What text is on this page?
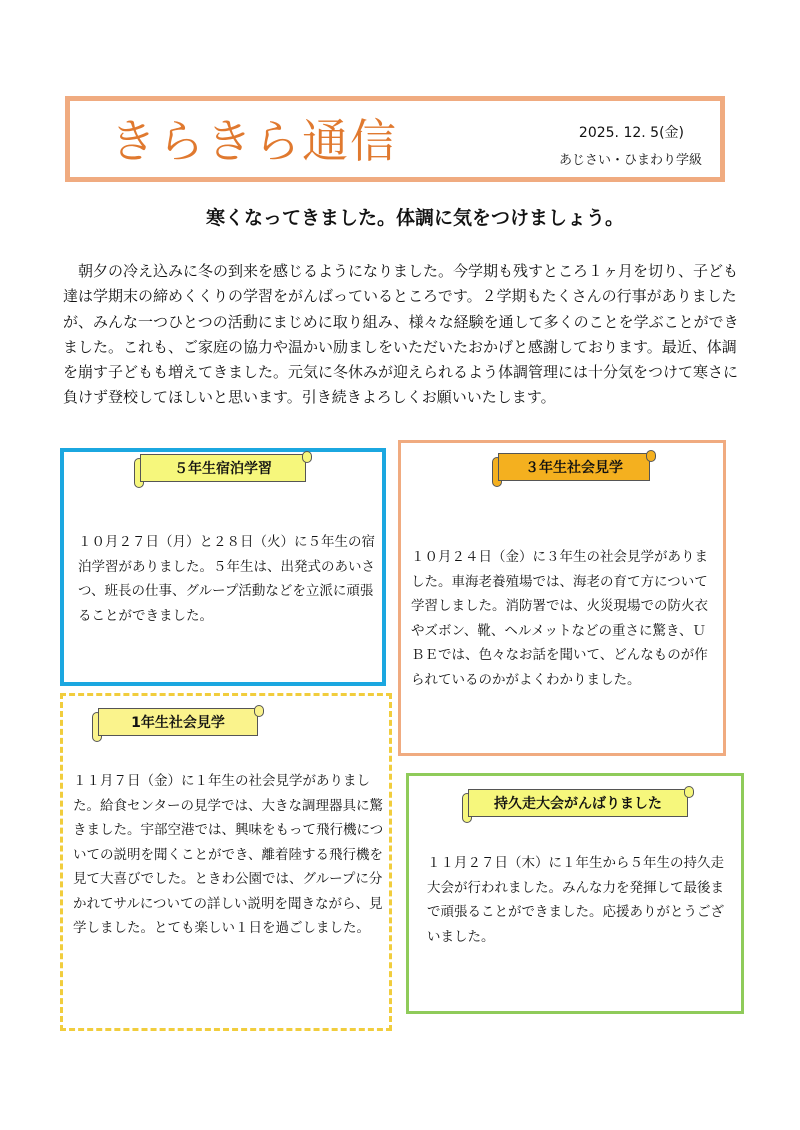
きらきら通信	2025. 12. 5(金)
あじさい・ひまわり学級
寒くなってきました。体調に気をつけましょう。
朝夕の冷え込みに冬の到来を感じるようになりました。今学期も残すところ１ヶ月を切り、子ども達は学期末の締めくくりの学習をがんばっているところです。２学期もたくさんの行事がありましたが、みんな一つひとつの活動にまじめに取り組み、様々な経験を通して多くのことを学ぶことができました。これも、ご家庭の協力や温かい励ましをいただいたおかげと感謝しております。最近、体調を崩す子どもも増えてきました。元気に冬休みが迎えられるよう体調管理には十分気をつけて寒さに負けず登校してほしいと思います。引き続きよろしくお願いいたします。
１０月２７日（月）と２８日（火）に５年生の宿泊学習がありました。５年生は、出発式のあいさつ、班長の仕事、グループ活動などを立派に頑張ることができました。
５年生宿泊学習
１０月２４日（金）に３年生の社会見学がありました。車海老養殖場では、海老の育て方について学習しました。消防署では、火災現場での防火衣やズボン、靴、ヘルメットなどの重さに驚き、ＵＢＥでは、色々なお話を聞いて、どんなものが作られているのかがよくわかりました。
３年生社会見学
１１月７日（金）に１年生の社会見学がありました。給食センターの見学では、大きな調理器具に驚きました。宇部空港では、興味をもって飛行機についての説明を聞くことができ、離着陸する飛行機を見て大喜びでした。ときわ公園では、グループに分かれてサルについての詳しい説明を聞きながら、見学しました。とても楽しい１日を過ごしました。
1年生社会見学
１１月２７日（木）に１年生から５年生の持久走大会が行われました。みんな力を発揮して最後まで頑張ることができました。応援ありがとうございました。
持久走大会がんばりました
